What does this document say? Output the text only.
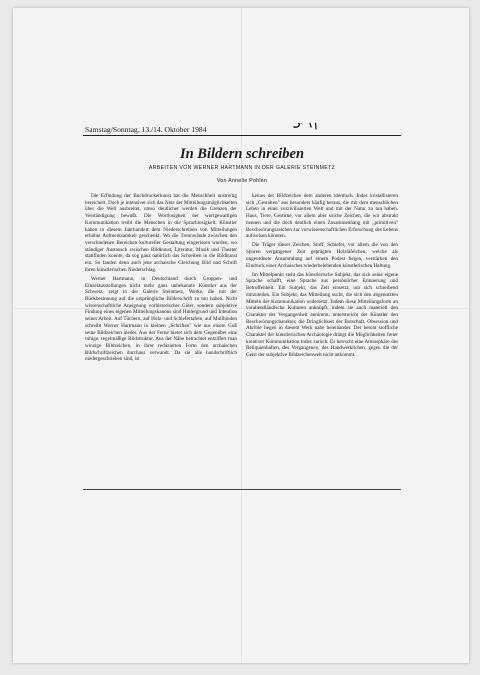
Samstag/Sonntag, 13./14. Oktober 1984
In Bildern schreiben
ARBEITEN VON WERNER HARTMANN IN DER GALERIE STEINMETZ
Von Annelie Pohlen

Die Erfindung der Buchdruckerkunst hat die Menschheit unstreitig bereichert. Doch je intensiver sich das Netz der Mitteilungsmöglichkeiten über die Welt ausbreitet, umso deutlicher werden die Grenzen der Verständigung bewußt. Die Wortlosigkeit der wortgewaltigen Kommunikation treibt die Menschen in die Sprachlosigkeit. Künstler haben in diesem Jahrhundert dem Niederschreiben von Mitteilungen erhöhte Aufmerksamkeit geschenkt. Wo die Trennwände zwischen den verschiedenen Bereichen kultureller Gestaltung eingerissen wurden, wo ständiger Austausch zwischen Bildkunst, Literatur, Musik und Theater stattfinden konnte, da sog ganz natürlich das Schreiben in die Bildkunst ein. So fanden denn auch jene archaische Gleichung Bild und Schrift ihren künstlerischen Niederschlag.

Werner Hartmann, in Deutschland durch Gruppen- und Einzelausstellungen nicht mehr ganz unbekannte Künstler aus der Schweiz, zeigt in der Galerie Steinmetz, Werke, die mit der Rückbesinnung auf die ursprüngliche Bilderschrift zu tun haben. Nicht wissenschaftliche Aneignung vorhistorischer Güter, sondern subjektive Findung eines eigenen Mitteilungskanons sind Hintergrund und Intention seiner Arbeit. Auf Tüchern, auf Holz- und Schiefertafeln, auf Mullbinden schreibt Werner Hartmann in kleinen „Schriften" wie aus einem Guß seine Bildzeichen nieder. Aus der Ferne bietet sich dem Gegenüber eine ruhige, regelmäßige Bildstruktur. Aus der Nähe betrachtet entziffert man winzige Bildzeichen, in ihrer reduzierten Form den archaischen Bildschriftzeichen durchaus verwandt. Da sie alle handschriftlich niedergeschrieben sind, ist

keines der Bildzeichen dem anderen identisch. Indes kristallisieren sich „Gestalten" aus besonders häufig heraus, die mit dem menschlichen Leben in einer vorzivilisierten Welt und mit der Natur zu tun haben. Haus, Tiere, Gestirne, vor allem aber solche Zeichen, die wir abstrakt nennen und die doch deutlich einen Zusammenhang mit „primitiven" Beschwörungszeichen zur vorwissenschaftlichen Erforschung des Lebens aufweisen könnten.

Die Träger dieser Zeichen, Stoff, Schiefer, vor allem die von den Spuren vergangener Zeit geprägten Holztäfelchen, welche als ungeordnete Ansammlung auf einem Podest liegen, verstärken den Eindruck einer Archaisches wiederbelebenden künstlerischen Haltung.

Im Mittelpunkt steht das künstlerische Subjekt, das sich seine eigene Sprache schafft, eine Sprache aus persönlicher Erinnerung und Betroffenheit. Ein Subjekt, das Zeit einsetzt, um sich schreibend mitzuteilen. Ein Subjekt, das Mitteilung sucht, die sich den abgenutzten Mitteln der Kommunikation widersetzt. Indem diese Mitteilungsform an vorabendländische Kulturen anknüpft, indem sie auch materiell den Charakter der Vergangenheit annimmt, unterstreicht der Künstler den Beschwörungscharakter, die Dringlichkeit der Botschaft. Obsession und Akribie liegen in diesem Werk nahe beieinander. Der betont stoffliche Charakter der künstlerischen Archäologie drängt die Möglichkeiten freier kreativer Kommunikation indes zurück. Es herrscht eine Atmosphäre des Reliquienhaften, des Vergangenen, des Handwerklichen, gegen die der Geist der subjektive Bildzeichenwelt nicht ankommt.
